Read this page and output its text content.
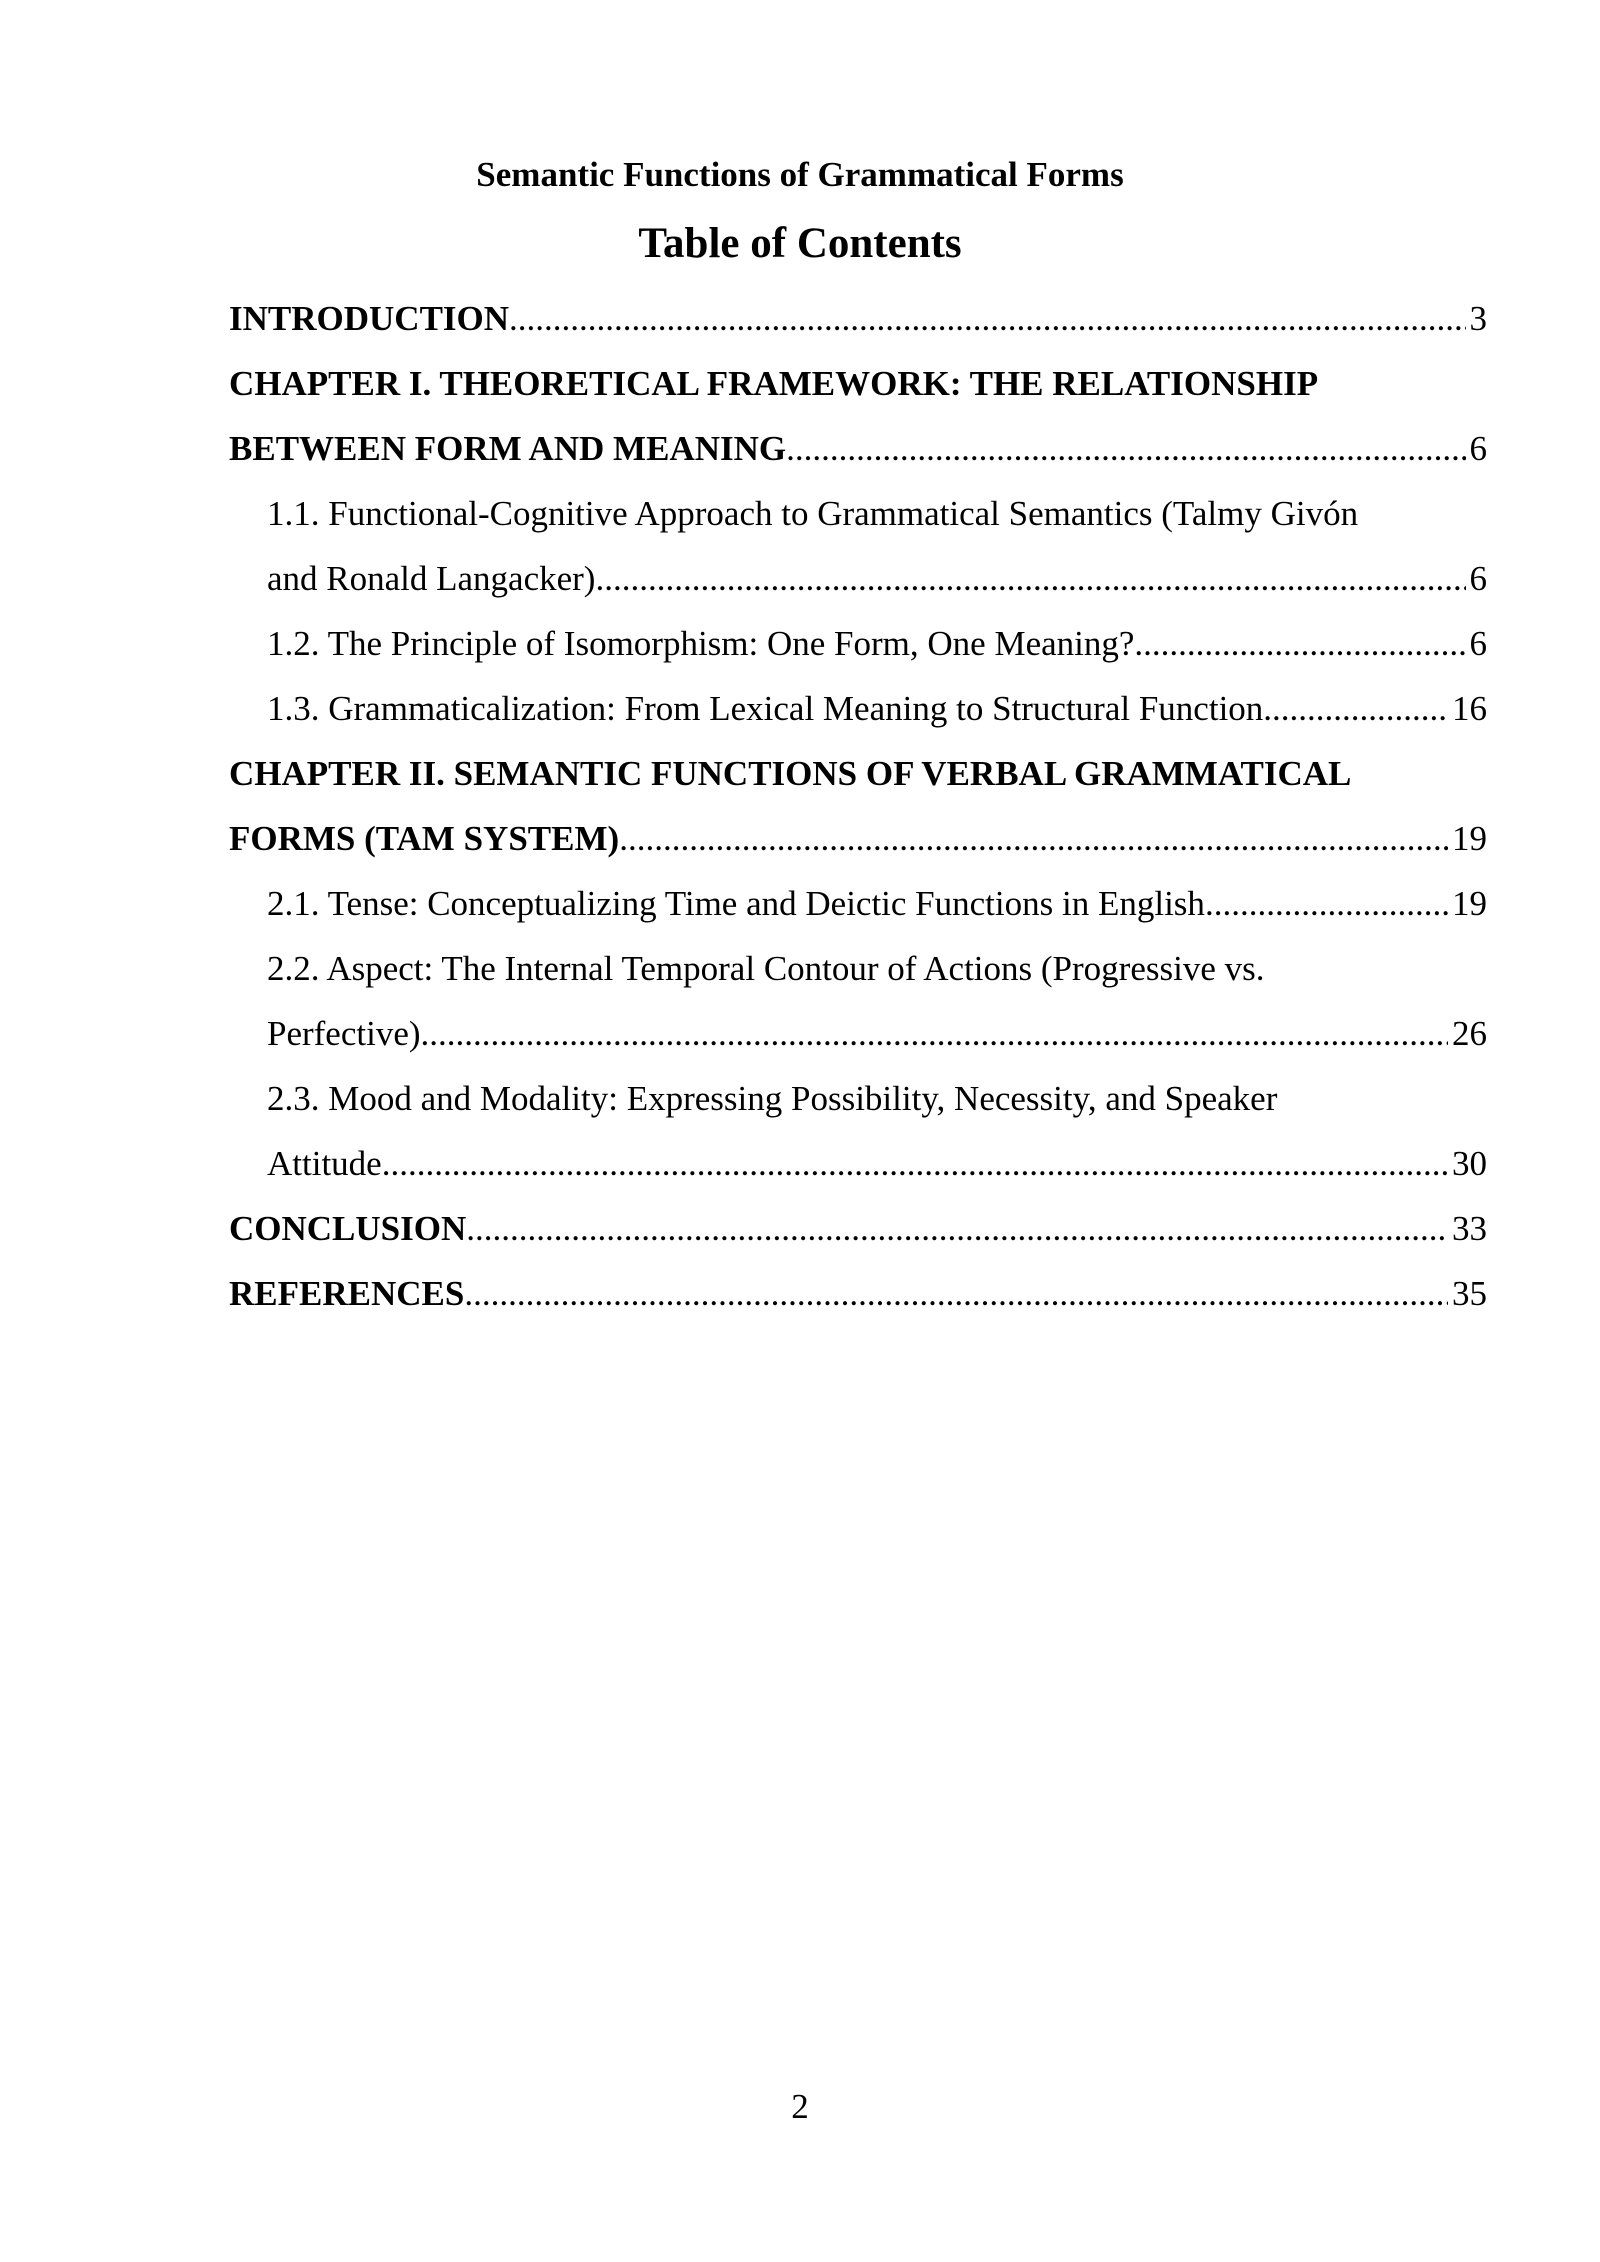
Semantic Functions of Grammatical Forms
Table of Contents
INTRODUCTION .....	3
CHAPTER I. THEORETICAL FRAMEWORK: THE RELATIONSHIP
BETWEEN FORM AND MEANING .....	6
1.1. Functional-Cognitive Approach to Grammatical Semantics (Talmy Givón
and Ronald Langacker) .....	6
1.2. The Principle of Isomorphism: One Form, One Meaning? .....	6
1.3. Grammaticalization: From Lexical Meaning to Structural Function .....	16
CHAPTER II. SEMANTIC FUNCTIONS OF VERBAL GRAMMATICAL
FORMS (TAM SYSTEM) .....	19
2.1. Tense: Conceptualizing Time and Deictic Functions in English .....	19
2.2. Aspect: The Internal Temporal Contour of Actions (Progressive vs.
Perfective) .....	26
2.3. Mood and Modality: Expressing Possibility, Necessity, and Speaker
Attitude .....	30
CONCLUSION .....	33
REFERENCES .....	35
2
